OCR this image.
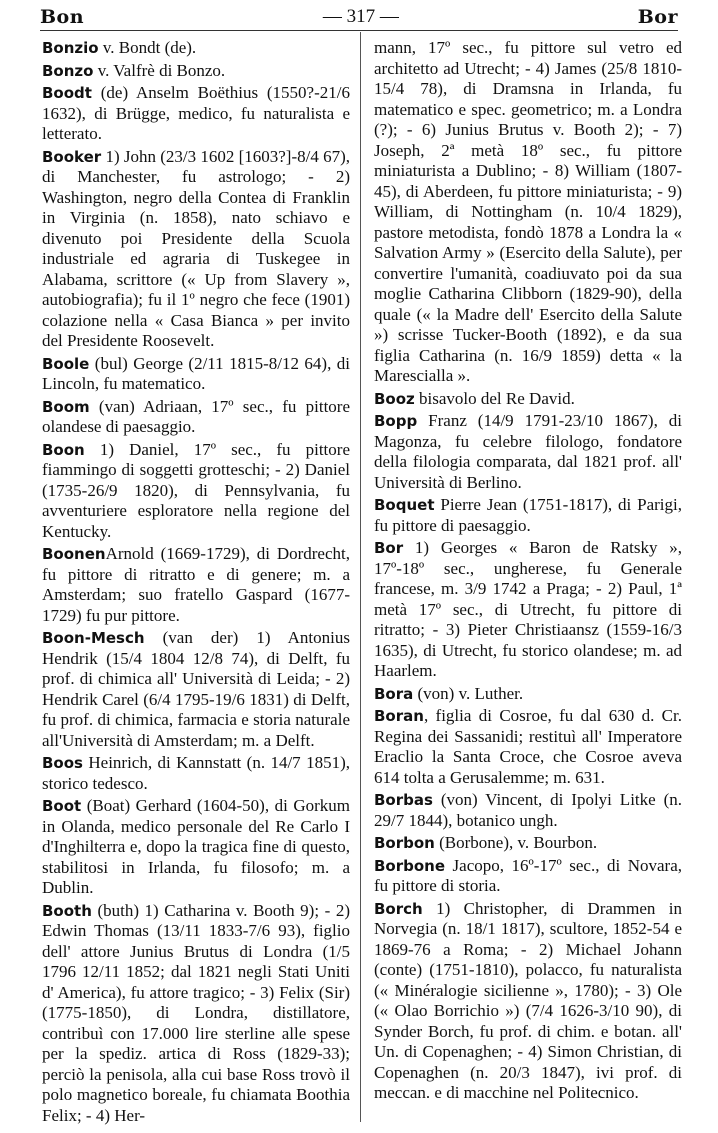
Bon	— 317 —	Bor
Bonzio v. Bondt (de).
Bonzo v. Valfrè di Bonzo.
Boodt (de) Anselm Boëthius (1550?-21/6 1632), di Brügge, medico, fu naturalista e letterato.
Booker 1) John (23/3 1602 [1603?]-8/4 67), di Manchester, fu astrologo; - 2) Washington, negro della Contea di Franklin in Virginia (n. 1858), nato schiavo e divenuto poi Presidente della Scuola industriale ed agraria di Tuskegee in Alabama, scrittore (« Up from Slavery », autobiografia); fu il 1º negro che fece (1901) colazione nella « Casa Bianca » per invito del Presidente Roosevelt.
Boole (bul) George (2/11 1815-8/12 64), di Lincoln, fu matematico.
Boom (van) Adriaan, 17º sec., fu pittore olandese di paesaggio.
Boon 1) Daniel, 17º sec., fu pittore fiammingo di soggetti grotteschi; - 2) Daniel (1735-26/9 1820), di Pennsylvania, fu avventuriere esploratore nella regione del Kentucky.
BoonenArnold (1669-1729), di Dordrecht, fu pittore di ritratto e di genere; m. a Amsterdam; suo fratello Gaspard (1677-1729) fu pur pittore.
Boon-Mesch (van der) 1) Antonius Hendrik (15/4 1804 12/8 74), di Delft, fu prof. di chimica all' Università di Leida; - 2) Hendrik Carel (6/4 1795-19/6 1831) di Delft, fu prof. di chimica, farmacia e storia naturale all'Università di Amsterdam; m. a Delft.
Boos Heinrich, di Kannstatt (n. 14/7 1851), storico tedesco.
Boot (Boat) Gerhard (1604-50), di Gorkum in Olanda, medico personale del Re Carlo I d'Inghilterra e, dopo la tragica fine di questo, stabilitosi in Irlanda, fu filosofo; m. a Dublin.
Booth (buth) 1) Catharina v. Booth 9); - 2) Edwin Thomas (13/11 1833-7/6 93), figlio dell' attore Junius Brutus di Londra (1/5 1796 12/11 1852; dal 1821 negli Stati Uniti d' America), fu attore tragico; - 3) Felix (Sir) (1775-1850), di Londra, distillatore, contribuì con 17.000 lire sterline alle spese per la spediz. artica di Ross (1829-33); perciò la penisola, alla cui base Ross trovò il polo magnetico boreale, fu chiamata Boothia Felix; - 4) Her-
mann, 17º sec., fu pittore sul vetro ed architetto ad Utrecht; - 4) James (25/8 1810-15/4 78), di Dramsna in Irlanda, fu matematico e spec. geometrico; m. a Londra (?); - 6) Junius Brutus v. Booth 2); - 7) Joseph, 2ª metà 18º sec., fu pittore miniaturista a Dublino; - 8) William (1807-45), di Aberdeen, fu pittore miniaturista; - 9) William, di Nottingham (n. 10/4 1829), pastore metodista, fondò 1878 a Londra la « Salvation Army » (Esercito della Salute), per convertire l'umanità, coadiuvato poi da sua moglie Catharina Clibborn (1829-90), della quale (« la Madre dell' Esercito della Salute ») scrisse Tucker-Booth (1892), e da sua figlia Catharina (n. 16/9 1859) detta « la Marescialla ».
Booz bisavolo del Re David.
Bopp Franz (14/9 1791-23/10 1867), di Magonza, fu celebre filologo, fondatore della filologia comparata, dal 1821 prof. all' Università di Berlino.
Boquet Pierre Jean (1751-1817), di Parigi, fu pittore di paesaggio.
Bor 1) Georges « Baron de Ratsky », 17º-18º sec., ungherese, fu Generale francese, m. 3/9 1742 a Praga; - 2) Paul, 1ª metà 17º sec., di Utrecht, fu pittore di ritratto; - 3) Pieter Christiaansz (1559-16/3 1635), di Utrecht, fu storico olandese; m. ad Haarlem.
Bora (von) v. Luther.
Boran, figlia di Cosroe, fu dal 630 d. Cr. Regina dei Sassanidi; restituì all' Imperatore Eraclio la Santa Croce, che Cosroe aveva 614 tolta a Gerusalemme; m. 631.
Borbas (von) Vincent, di Ipolyi Litke (n. 29/7 1844), botanico ungh.
Borbon (Borbone), v. Bourbon.
Borbone Jacopo, 16º-17º sec., di Novara, fu pittore di storia.
Borch 1) Christopher, di Drammen in Norvegia (n. 18/1 1817), scultore, 1852-54 e 1869-76 a Roma; - 2) Michael Johann (conte) (1751-1810), polacco, fu naturalista (« Minéralogie sicilienne », 1780); - 3) Ole (« Olao Borrichio ») (7/4 1626-3/10 90), di Synder Borch, fu prof. di chim. e botan. all' Un. di Copenaghen; - 4) Simon Christian, di Copenaghen (n. 20/3 1847), ivi prof. di meccan. e di macchine nel Politecnico.
